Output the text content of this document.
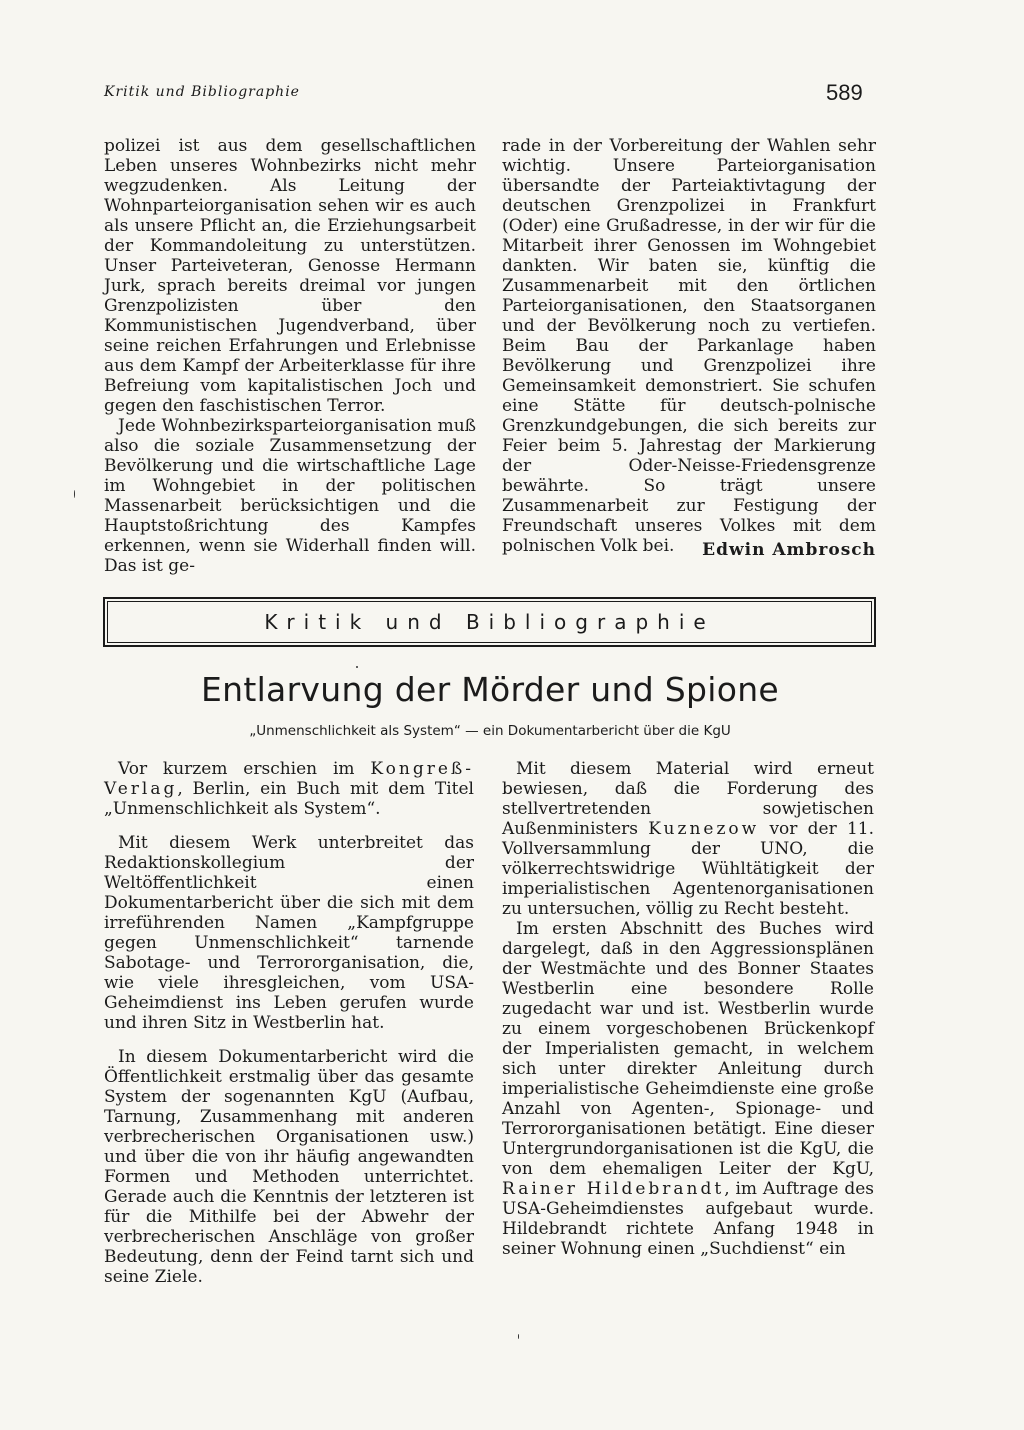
Kritik und Bibliographie	589

polizei ist aus dem gesellschaftlichen Leben unseres Wohnbezirks nicht mehr wegzudenken. Als Leitung der Wohnparteiorganisation sehen wir es auch als unsere Pflicht an, die Erziehungsarbeit der Kommandoleitung zu unterstützen. Unser Parteiveteran, Genosse Hermann Jurk, sprach bereits dreimal vor jungen Grenzpolizisten über den Kommunistischen Jugendverband, über seine reichen Erfahrungen und Erlebnisse aus dem Kampf der Arbeiterklasse für ihre Befreiung vom kapitalistischen Joch und gegen den faschistischen Terror.

Jede Wohnbezirksparteiorganisation muß also die soziale Zusammensetzung der Bevölkerung und die wirtschaftliche Lage im Wohngebiet in der politischen Massenarbeit berücksichtigen und die Hauptstoßrichtung des Kampfes erkennen, wenn sie Widerhall finden will. Das ist ge-

rade in der Vorbereitung der Wahlen sehr wichtig. Unsere Parteiorganisation übersandte der Parteiaktivtagung der deutschen Grenzpolizei in Frankfurt (Oder) eine Grußadresse, in der wir für die Mitarbeit ihrer Genossen im Wohngebiet dankten. Wir baten sie, künftig die Zusammenarbeit mit den örtlichen Parteiorganisationen, den Staatsorganen und der Bevölkerung noch zu vertiefen. Beim Bau der Parkanlage haben Bevölkerung und Grenzpolizei ihre Gemeinsamkeit demonstriert. Sie schufen eine Stätte für deutsch-polnische Grenzkundgebungen, die sich bereits zur Feier beim 5. Jahrestag der Markierung der Oder-Neisse-Friedensgrenze bewährte. So trägt unsere Zusammenarbeit zur Festigung der Freundschaft unseres Volkes mit dem polnischen Volk bei.	Edwin Ambrosch
Kritik und Bibliographie
Entlarvung der Mörder und Spione
„Unmenschlichkeit als System“ — ein Dokumentarbericht über die KgU

Vor kurzem erschien im Kongreß-Verlag, Berlin, ein Buch mit dem Titel „Unmenschlichkeit als System“.

Mit diesem Werk unterbreitet das Redaktionskollegium der Weltöffentlichkeit einen Dokumentarbericht über die sich mit dem irreführenden Namen „Kampfgruppe gegen Unmenschlichkeit“ tarnende Sabotage- und Terrororganisation, die, wie viele ihresgleichen, vom USA-Geheimdienst ins Leben gerufen wurde und ihren Sitz in Westberlin hat.

In diesem Dokumentarbericht wird die Öffentlichkeit erstmalig über das gesamte System der sogenannten KgU (Aufbau, Tarnung, Zusammenhang mit anderen verbrecherischen Organisationen usw.) und über die von ihr häufig angewandten Formen und Methoden unterrichtet. Gerade auch die Kenntnis der letzteren ist für die Mithilfe bei der Abwehr der verbrecherischen Anschläge von großer Bedeutung, denn der Feind tarnt sich und seine Ziele.

Mit diesem Material wird erneut bewiesen, daß die Forderung des stellvertretenden sowjetischen Außenministers Kuznezow vor der 11. Vollversammlung der UNO, die völkerrechtswidrige Wühltätigkeit der imperialistischen Agentenorganisationen zu untersuchen, völlig zu Recht besteht.

Im ersten Abschnitt des Buches wird dargelegt, daß in den Aggressionsplänen der Westmächte und des Bonner Staates Westberlin eine besondere Rolle zugedacht war und ist. Westberlin wurde zu einem vorgeschobenen Brückenkopf der Imperialisten gemacht, in welchem sich unter direkter Anleitung durch imperialistische Geheimdienste eine große Anzahl von Agenten-, Spionage- und Terrororganisationen betätigt. Eine dieser Untergrundorganisationen ist die KgU, die von dem ehemaligen Leiter der KgU, Rainer Hildebrandt, im Auftrage des USA-Geheimdienstes aufgebaut wurde. Hildebrandt richtete Anfang 1948 in seiner Wohnung einen „Suchdienst“ ein
